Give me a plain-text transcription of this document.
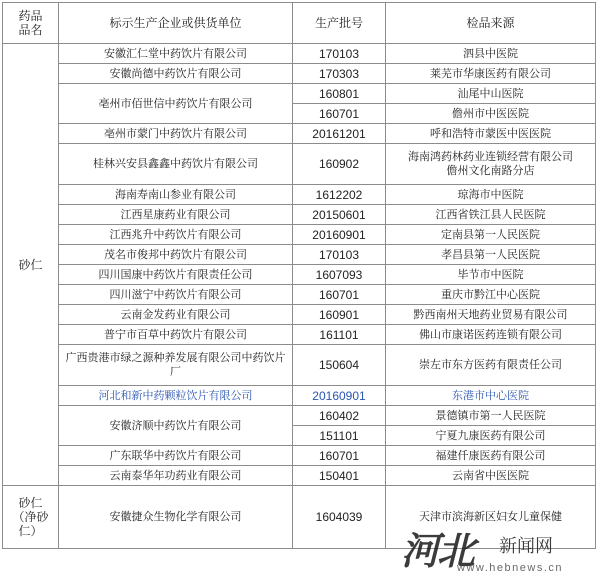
药品
品名	标示生产企业或供货单位	生产批号	检品来源
砂仁	安徽汇仁堂中药饮片有限公司	170103	泗县中医院
	安徽尚德中药饮片有限公司	170303	莱芜市华康医药有限公司
	亳州市佰世信中药饮片有限公司	160801	汕尾中山医院
		160701	儋州市中医医院
	亳州市蒙门中药饮片有限公司	20161201	呼和浩特市蒙医中医医院
	桂林兴安县鑫鑫中药饮片有限公司	160902	海南鸿药林药业连锁经营有限公司
儋州文化南路分店
	海南寿南山参业有限公司	1612202	琼海市中医院
	江西星康药业有限公司	20150601	江西省铁江县人民医院
	江西兆升中药饮片有限公司	20160901	定南县第一人民医院
	茂名市俊邦中药饮片有限公司	170103	孝昌县第一人民医院
	四川国康中药饮片有限责任公司	1607093	毕节市中医院
	四川滋宁中药饮片有限公司	160701	重庆市黔江中心医院
	云南金发药业有限公司	160901	黔西南州天地药业贸易有限公司
	普宁市百草中药饮片有限公司	161101	佛山市康诺医药连锁有限公司
	广西贵港市绿之源种养发展有限公司中药饮片厂	150604	崇左市东方医药有限责任公司
	河北和新中药颗粒饮片有限公司	20160901	东港市中心医院
	安徽济顺中药饮片有限公司	160402	景德镇市第一人民医院
		151101	宁夏九康医药有限公司
	广东联华中药饮片有限公司	160701	福建仟康医药有限公司
	云南泰华年功药业有限公司	150401	云南省中医医院
砂仁
（净砂
仁）	安徽捷众生物化学有限公司	1604039	天津市滨海新区妇女儿童保健
河北 新闻网
www.hebnews.cn
